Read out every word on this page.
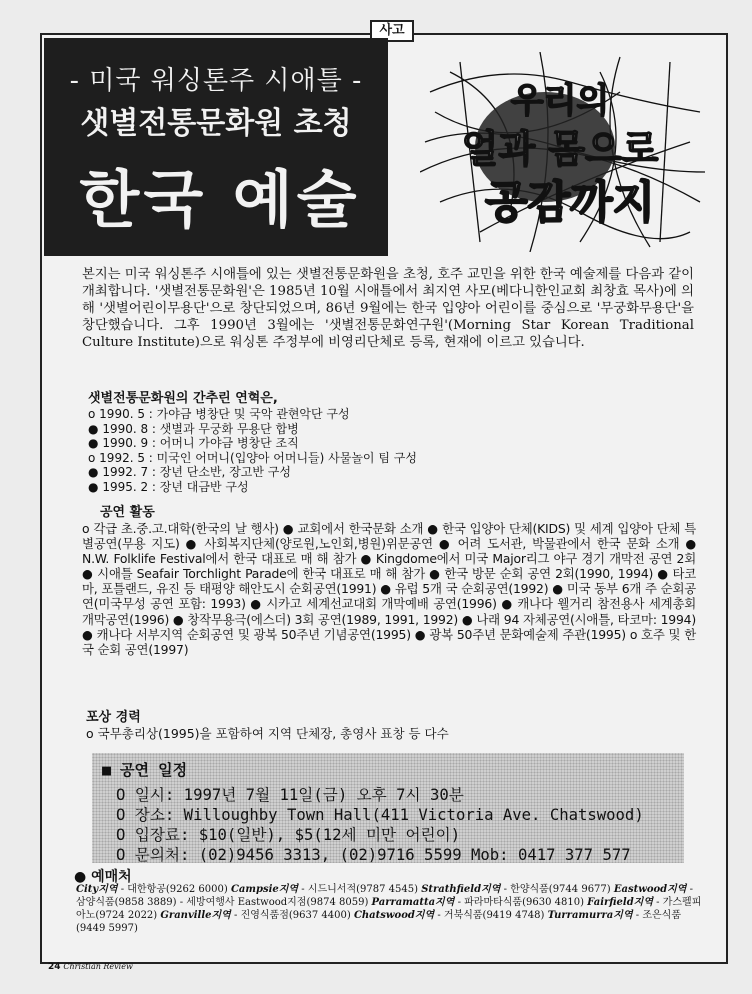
사고
- 미국 워싱톤주 시애틀 -
샛별전통문화원 초청
한국 예술제
우리의
얼과 몸으로
공감까지
본지는 미국 워싱톤주 시애틀에 있는 샛별전통문화원을 초청, 호주 교민을 위한 한국 예술제를 다음과 같이 개최합니다. '샛별전통문화원'은 1985년 10월 시애틀에서 최지연 사모(베다니한인교회 최창효 목사)에 의해 '샛별어린이무용단'으로 창단되었으며, 86년 9월에는 한국 입양아 어린이를 중심으로 '무궁화무용단'을 창단했습니다. 그후 1990년 3월에는 '샛별전통문화연구원'(Morning Star Korean Traditional Culture Institute)으로 워싱톤 주정부에 비영리단체로 등록, 현재에 이르고 있습니다.
샛별전통문화원의 간추린 연혁은,
o 1990. 5 : 가야금 병창단 및 국악 관현악단 구성
● 1990. 8 : 샛별과 무궁화 무용단 합병
● 1990. 9 : 어머니 가야금 병창단 조직
o 1992. 5 : 미국인 어머니(입양아 어머니들) 사물놀이 팀 구성
● 1992. 7 : 장년 단소반, 장고반 구성
● 1995. 2 : 장년 대금반 구성
공연 활동
o 각급 초.중.고.대학(한국의 날 행사) ● 교회에서 한국문화 소개 ● 한국 입양아 단체(KIDS) 및 세계 입양아 단체 특별공연(무용 지도) ● 사회복지단체(양로원,노인회,병원)위문공연 ● 어려 도서관, 박물관에서 한국 문화 소개 ● N.W. Folklife Festival에서 한국 대표로 매 해 참가 ● Kingdome에서 미국 Major리그 야구 경기 개막전 공연 2회 ● 시애틀 Seafair Torchlight Parade에 한국 대표로 매 해 참가 ● 한국 방문 순회 공연 2회(1990, 1994) ● 타코마, 포틀랜드, 유진 등 태평양 해안도시 순회공연(1991) ● 유럽 5개 국 순회공연(1992) ● 미국 동부 6개 주 순회공연(미국무성 공연 포함: 1993) ● 시카고 세계선교대회 개막예배 공연(1996) ● 캐나다 웰거리 참전용사 세계총회 개막공연(1996) ● 창작무용극(에스더) 3회 공연(1989, 1991, 1992) ● 나래 94 자체공연(시애틀, 타코마: 1994) ● 캐나다 서부지역 순회공연 및 광복 50주년 기념공연(1995) ● 광복 50주년 문화예술제 주관(1995) o 호주 및 한국 순회 공연(1997)
포상 경력
o 국무총리상(1995)을 포함하여 지역 단체장, 총영사 표창 등 다수
■ 공연 일정
O 일시: 1997년 7월 11일(금) 오후 7시 30분
O 장소: Willoughby Town Hall(411 Victoria Ave. Chatswood)
O 입장료: $10(일반), $5(12세 미만 어린이)
O 문의처: (02)9456 3313, (02)9716 5599 Mob: 0417 377 577
● 예매처
City지역 - 대한항공(9262 6000) Campsie지역 - 시드니서적(9787 4545) Strathfield지역 - 한양식품(9744 9677) Eastwood지역 - 삼양식품(9858 3889) - 세방여행사 Eastwood지점(9874 8059) Parramatta지역 - 파라마타식품(9630 4810) Fairfield지역 - 가스펠피아노(9724 2022) Granville지역 - 진영식품점(9637 4400) Chatswood지역 - 거북식품(9419 4748) Turramurra지역 - 조은식품(9449 5997)
24 Christian Review
